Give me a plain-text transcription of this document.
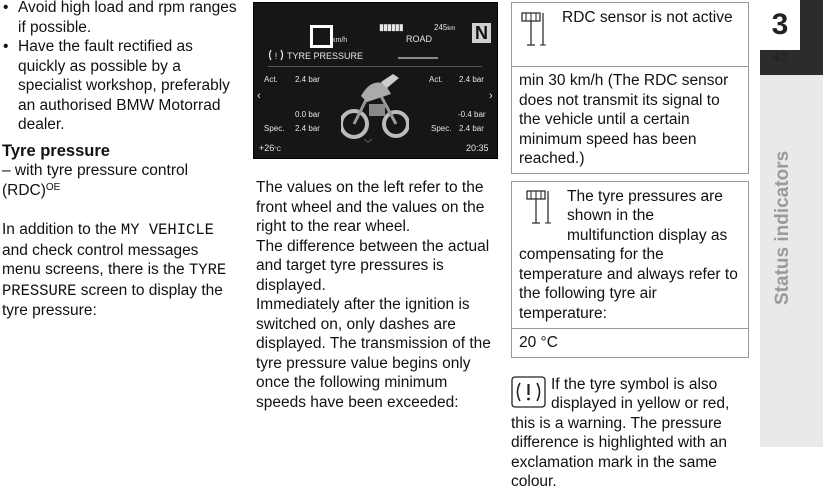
• Avoid high load and rpm ranges if possible.
• Have the fault rectified as quickly as possible by a specialist workshop, preferably an authorised BMW Motorrad dealer.
Tyre pressure
– with tyre pressure control (RDC)$^{OE}$
In addition to the MY VEHICLE and check control messages menu screens, there is the TYRE PRESSURE screen to display the tyre pressure:
km/h
▮▮▮▮▮▮	245km
ROAD N
! TYRE PRESSURE
Act. 2.4 bar	Act. 2.4 bar
‹	›
0.0 bar	-0.4 bar
Spec. 2.4 bar	Spec. 2.4 bar
﹀
+26°C	20:35
The values on the left refer to the front wheel and the values on the right to the rear wheel.
The difference between the actual and target tyre pressures is displayed.
Immediately after the ignition is switched on, only dashes are displayed. The transmission of the tyre pressure value begins only once the following minimum speeds have been exceeded:
RDC sensor is not active
min 30 km/h (The RDC sensor does not transmit its signal to the vehicle until a certain minimum speed has been reached.)
The tyre pressures are shown in the multifunction display as compensating for the temperature and always refer to the following tyre air temperature:
20 °C
If the tyre symbol is also displayed in yellow or red, this is a warning. The pressure difference is highlighted with an exclamation mark in the same colour.
3
43
Status indicators
